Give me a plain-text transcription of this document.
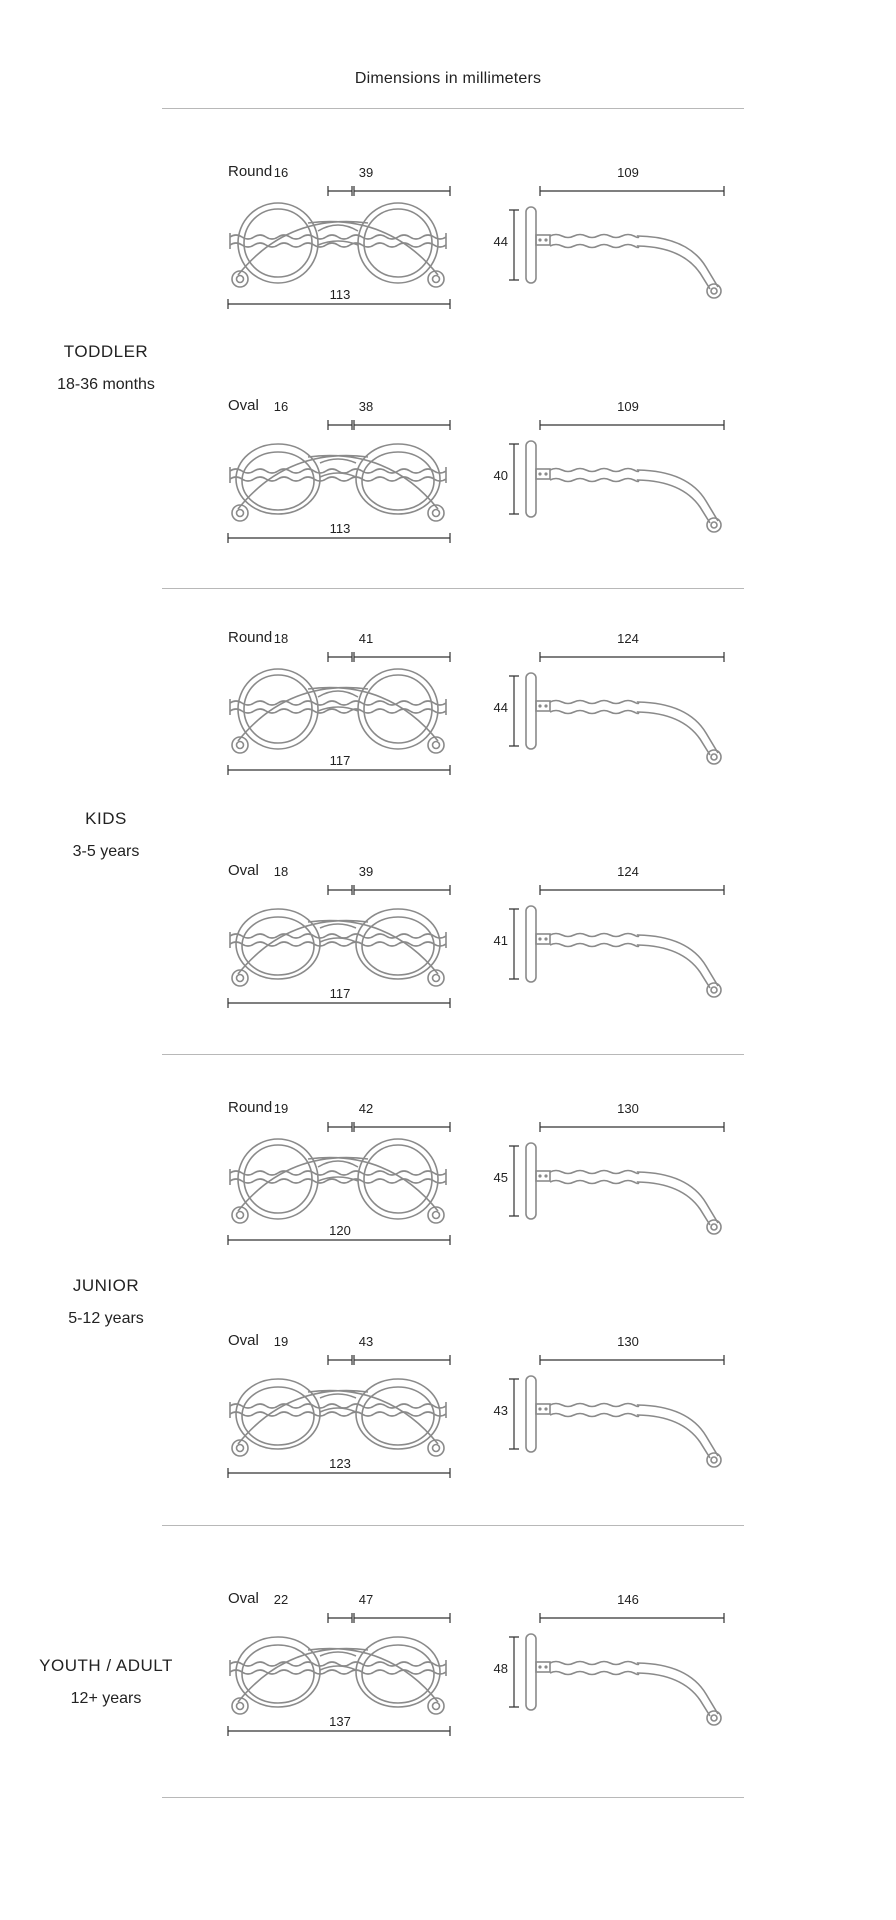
Dimensions in millimeters
TODDLER
18-36 months
Round 16	39	109
113
44
Oval	16	38	109
113
40
KIDS
3-5 years
Round 18	41	124
117
44
Oval	18	39	124
117
41
JUNIOR
5-12 years
Round 19	42	130
120
45
Oval	19	43	130
123
43
YOUTH / ADULT
12+ years
Oval	22	47	146
137
48
